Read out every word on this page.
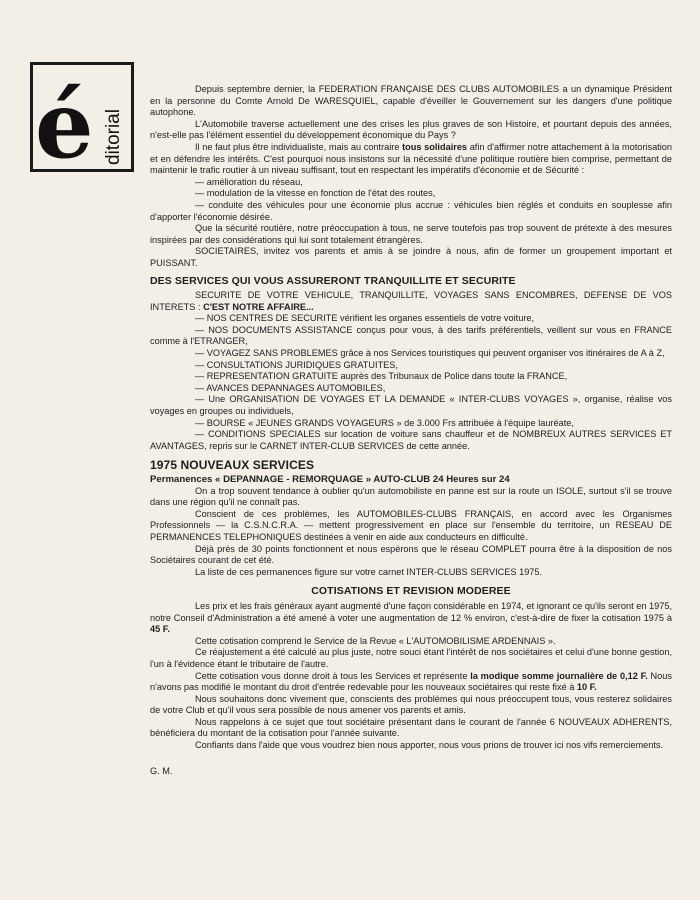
é ditorial

Depuis septembre dernier, la FEDERATION FRANÇAISE DES CLUBS AUTOMOBILES a un dynamique Président en la personne du Comte Arnold De WARESQUIEL, capable d'éveiller le Gouvernement sur les dangers d'une politique autophone.

L'Automobile traverse actuellement une des crises les plus graves de son Histoire, et pourtant depuis des années, n'est-elle pas l'élément essentiel du développement économique du Pays ?

Il ne faut plus être individualiste, mais au contraire tous solidaires afin d'affirmer notre attachement à la motorisation et en défendre les intérêts. C'est pourquoi nous insistons sur la nécessité d'une politique routière bien comprise, permettant de maintenir le trafic routier à un niveau suffisant, tout en respectant les impératifs d'économie et de Sécurité :

— amélioration du réseau,

— modulation de la vitesse en fonction de l'état des routes,

— conduite des véhicules pour une économie plus accrue : véhicules bien réglés et conduits en souplesse afin d'apporter l'économie désirée.

Que la sécurité routière, notre préoccupation à tous, ne serve toutefois pas trop souvent de prétexte à des mesures inspirées par des considérations qui lui sont totalement étrangères.

SOCIETAIRES, invitez vos parents et amis à se joindre à nous, afin de former un groupement important et PUISSANT.

DES SERVICES QUI VOUS ASSURERONT TRANQUILLITE ET SECURITE

SECURITE DE VOTRE VEHICULE, TRANQUILLITE, VOYAGES SANS ENCOMBRES, DEFENSE DE VOS INTERETS : C'EST NOTRE AFFAIRE...

— NOS CENTRES DE SECURITE vérifient les organes essentiels de votre voiture,

— NOS DOCUMENTS ASSISTANCE conçus pour vous, à des tarifs préférentiels, veillent sur vous en FRANCE comme à l'ETRANGER,

— VOYAGEZ SANS PROBLEMES grâce à nos Services touristiques qui peuvent organiser vos itinéraires de A à Z,

— CONSULTATIONS JURIDIQUES GRATUITES,

— REPRESENTATION GRATUITE auprès des Tribunaux de Police dans toute la FRANCE,

— AVANCES DEPANNAGES AUTOMOBILES,

— Une ORGANISATION DE VOYAGES ET LA DEMANDE « INTER-CLUBS VOYAGES », organise, réalise vos voyages en groupes ou individuels,

— BOURSE « JEUNES GRANDS VOYAGEURS » de 3.000 Frs attribuée à l'équipe lauréate,

— CONDITIONS SPECIALES sur location de voiture sans chauffeur et de NOMBREUX AUTRES SERVICES ET AVANTAGES, repris sur le CARNET INTER-CLUB SERVICES de cette année.

1975 NOUVEAUX SERVICES

Permanences « DEPANNAGE - REMORQUAGE » AUTO-CLUB 24 Heures sur 24

On a trop souvent tendance à oublier qu'un automobiliste en panne est sur la route un ISOLE, surtout s'il se trouve dans une région qu'il ne connaît pas.

Conscient de ces problèmes, les AUTOMOBILES-CLUBS FRANÇAIS, en accord avec les Organismes Professionnels — la C.S.N.C.R.A. — mettent progressivement en place sur l'ensemble du territoire, un RESEAU DE PERMANENCES TELEPHONIQUES destinées à venir en aide aux conducteurs en difficulté.

Déjà près de 30 points fonctionnent et nous espérons que le réseau COMPLET pourra être à la disposition de nos Sociétaires courant de cet été.

La liste de ces permanences figure sur votre carnet INTER-CLUBS SERVICES 1975.

COTISATIONS ET REVISION MODEREE

Les prix et les frais généraux ayant augmenté d'une façon considérable en 1974, et ignorant ce qu'ils seront en 1975, notre Conseil d'Administration a été amené à voter une augmentation de 12 % environ, c'est-à-dire de fixer la cotisation 1975 à 45 F.

Cette cotisation comprend le Service de la Revue « L'AUTOMOBILISME ARDENNAIS ».

Ce réajustement a été calculé au plus juste, notre souci étant l'intérêt de nos sociétaires et celui d'une bonne gestion, l'un à l'évidence étant le tributaire de l'autre.

Cette cotisation vous donne droit à tous les Services et représente la modique somme journalière de 0,12 F. Nous n'avons pas modifié le montant du droit d'entrée redevable pour les nouveaux sociétaires qui reste fixé à 10 F.

Nous souhaitons donc vivement que, conscients des problèmes qui nous préoccupent tous, vous resterez solidaires de votre Club et qu'il vous sera possible de nous amener vos parents et amis.

Nous rappelons à ce sujet que tout sociétaire présentant dans le courant de l'année 6 NOUVEAUX ADHERENTS, bénéficiera du montant de la cotisation pour l'année suivante.

Confiants dans l'aide que vous voudrez bien nous apporter, nous vous prions de trouver ici nos vifs remerciements.

G. M.
